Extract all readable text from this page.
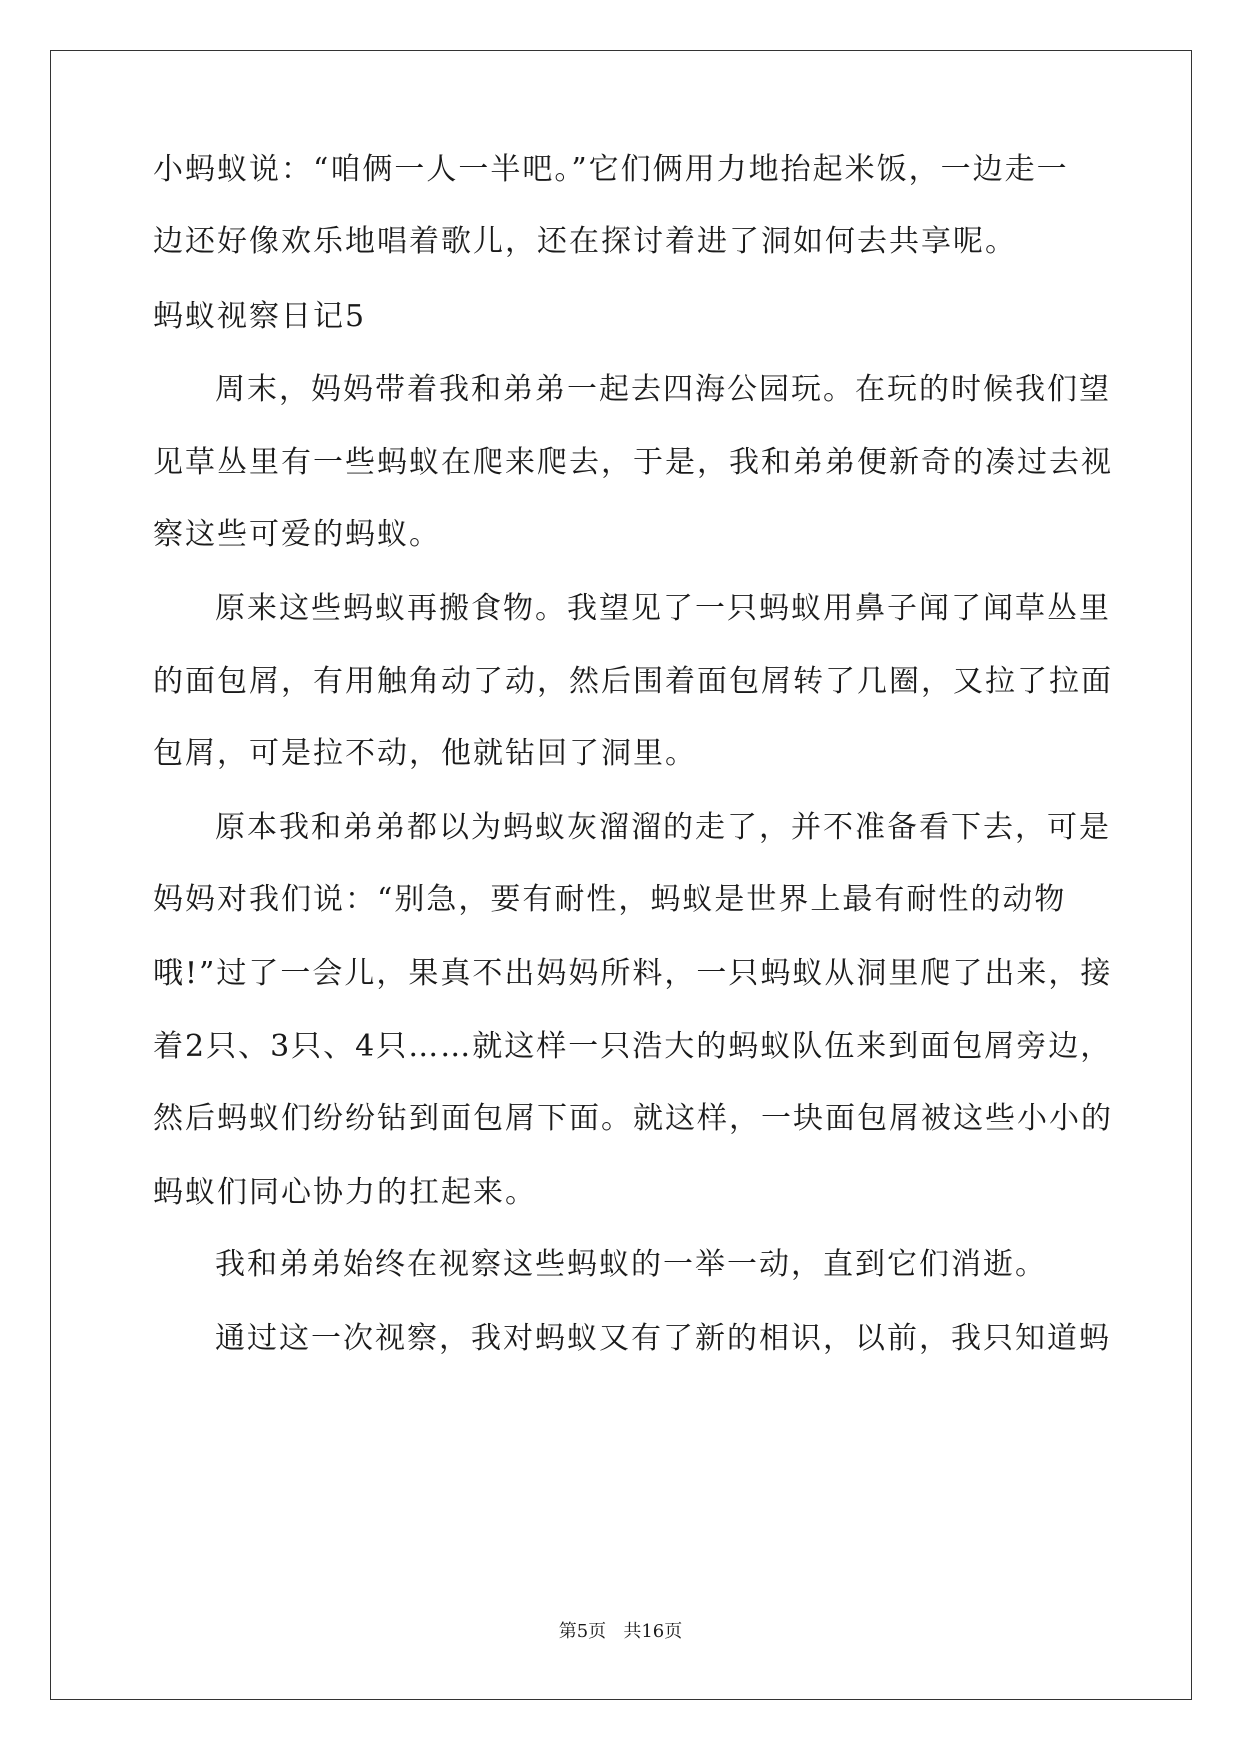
小蚂蚁说：“咱俩一人一半吧。”它们俩用力地抬起米饭，一边走一
边还好像欢乐地唱着歌儿，还在探讨着进了洞如何去共享呢。
蚂蚁视察日记5
周末，妈妈带着我和弟弟一起去四海公园玩。在玩的时候我们望
见草丛里有一些蚂蚁在爬来爬去，于是，我和弟弟便新奇的凑过去视
察这些可爱的蚂蚁。
原来这些蚂蚁再搬食物。我望见了一只蚂蚁用鼻子闻了闻草丛里
的面包屑，有用触角动了动，然后围着面包屑转了几圈，又拉了拉面
包屑，可是拉不动，他就钻回了洞里。
原本我和弟弟都以为蚂蚁灰溜溜的走了，并不准备看下去，可是
妈妈对我们说：“别急，要有耐性，蚂蚁是世界上最有耐性的动物
哦!”过了一会儿，果真不出妈妈所料，一只蚂蚁从洞里爬了出来，接
着2只、3只、4只……就这样一只浩大的蚂蚁队伍来到面包屑旁边，
然后蚂蚁们纷纷钻到面包屑下面。就这样，一块面包屑被这些小小的
蚂蚁们同心协力的扛起来。
我和弟弟始终在视察这些蚂蚁的一举一动，直到它们消逝。
通过这一次视察，我对蚂蚁又有了新的相识，以前，我只知道蚂
第5页   共16页
